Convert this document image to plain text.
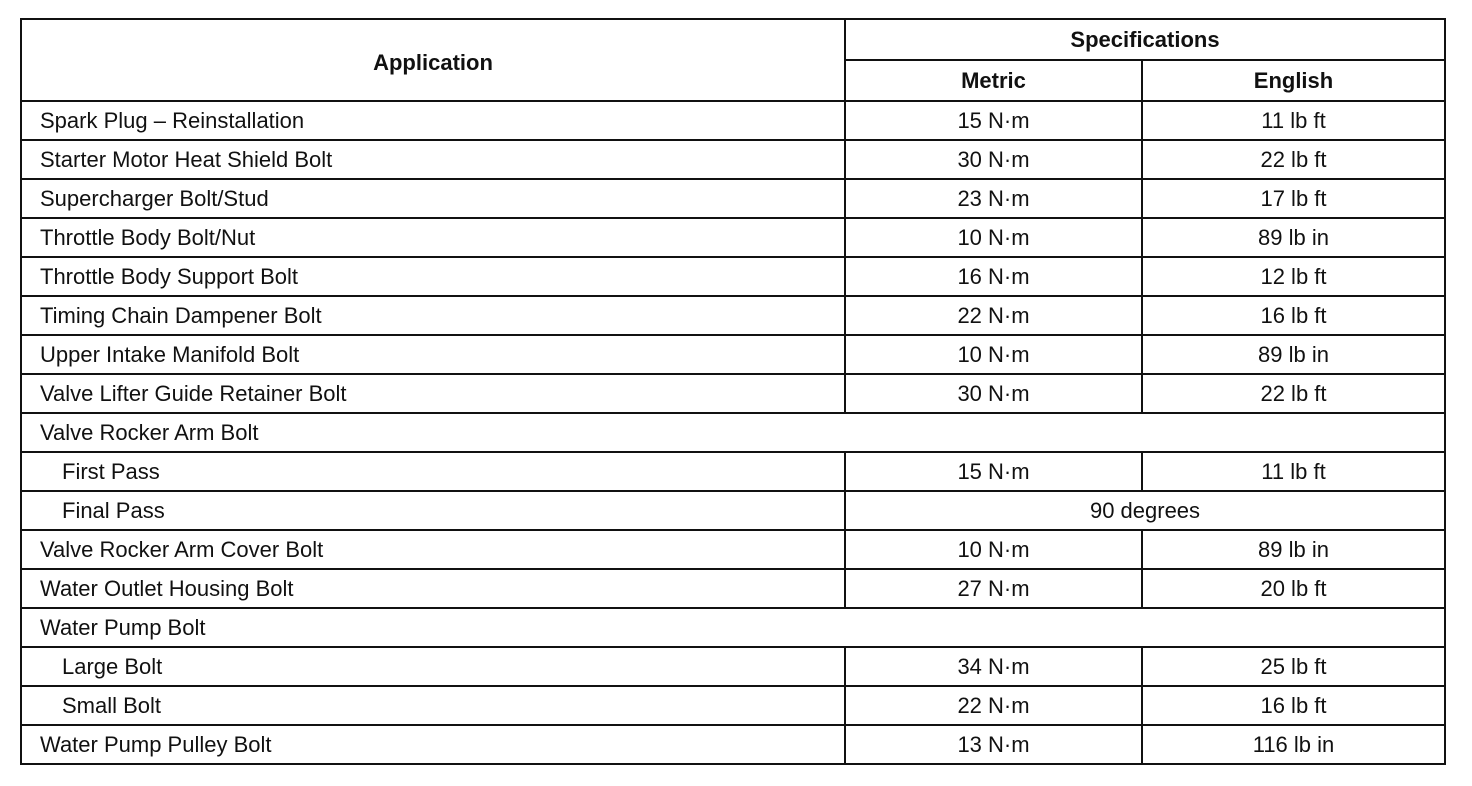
Application	Specifications	
	Metric	English
Spark Plug – Reinstallation	15 N·m	11 lb ft
Starter Motor Heat Shield Bolt	30 N·m	22 lb ft
Supercharger Bolt/Stud	23 N·m	17 lb ft
Throttle Body Bolt/Nut	10 N·m	89 lb in
Throttle Body Support Bolt	16 N·m	12 lb ft
Timing Chain Dampener Bolt	22 N·m	16 lb ft
Upper Intake Manifold Bolt	10 N·m	89 lb in
Valve Lifter Guide Retainer Bolt	30 N·m	22 lb ft
Valve Rocker Arm Bolt		
First Pass	15 N·m	11 lb ft
Final Pass	90 degrees	
Valve Rocker Arm Cover Bolt	10 N·m	89 lb in
Water Outlet Housing Bolt	27 N·m	20 lb ft
Water Pump Bolt		
Large Bolt	34 N·m	25 lb ft
Small Bolt	22 N·m	16 lb ft
Water Pump Pulley Bolt	13 N·m	116 lb in
